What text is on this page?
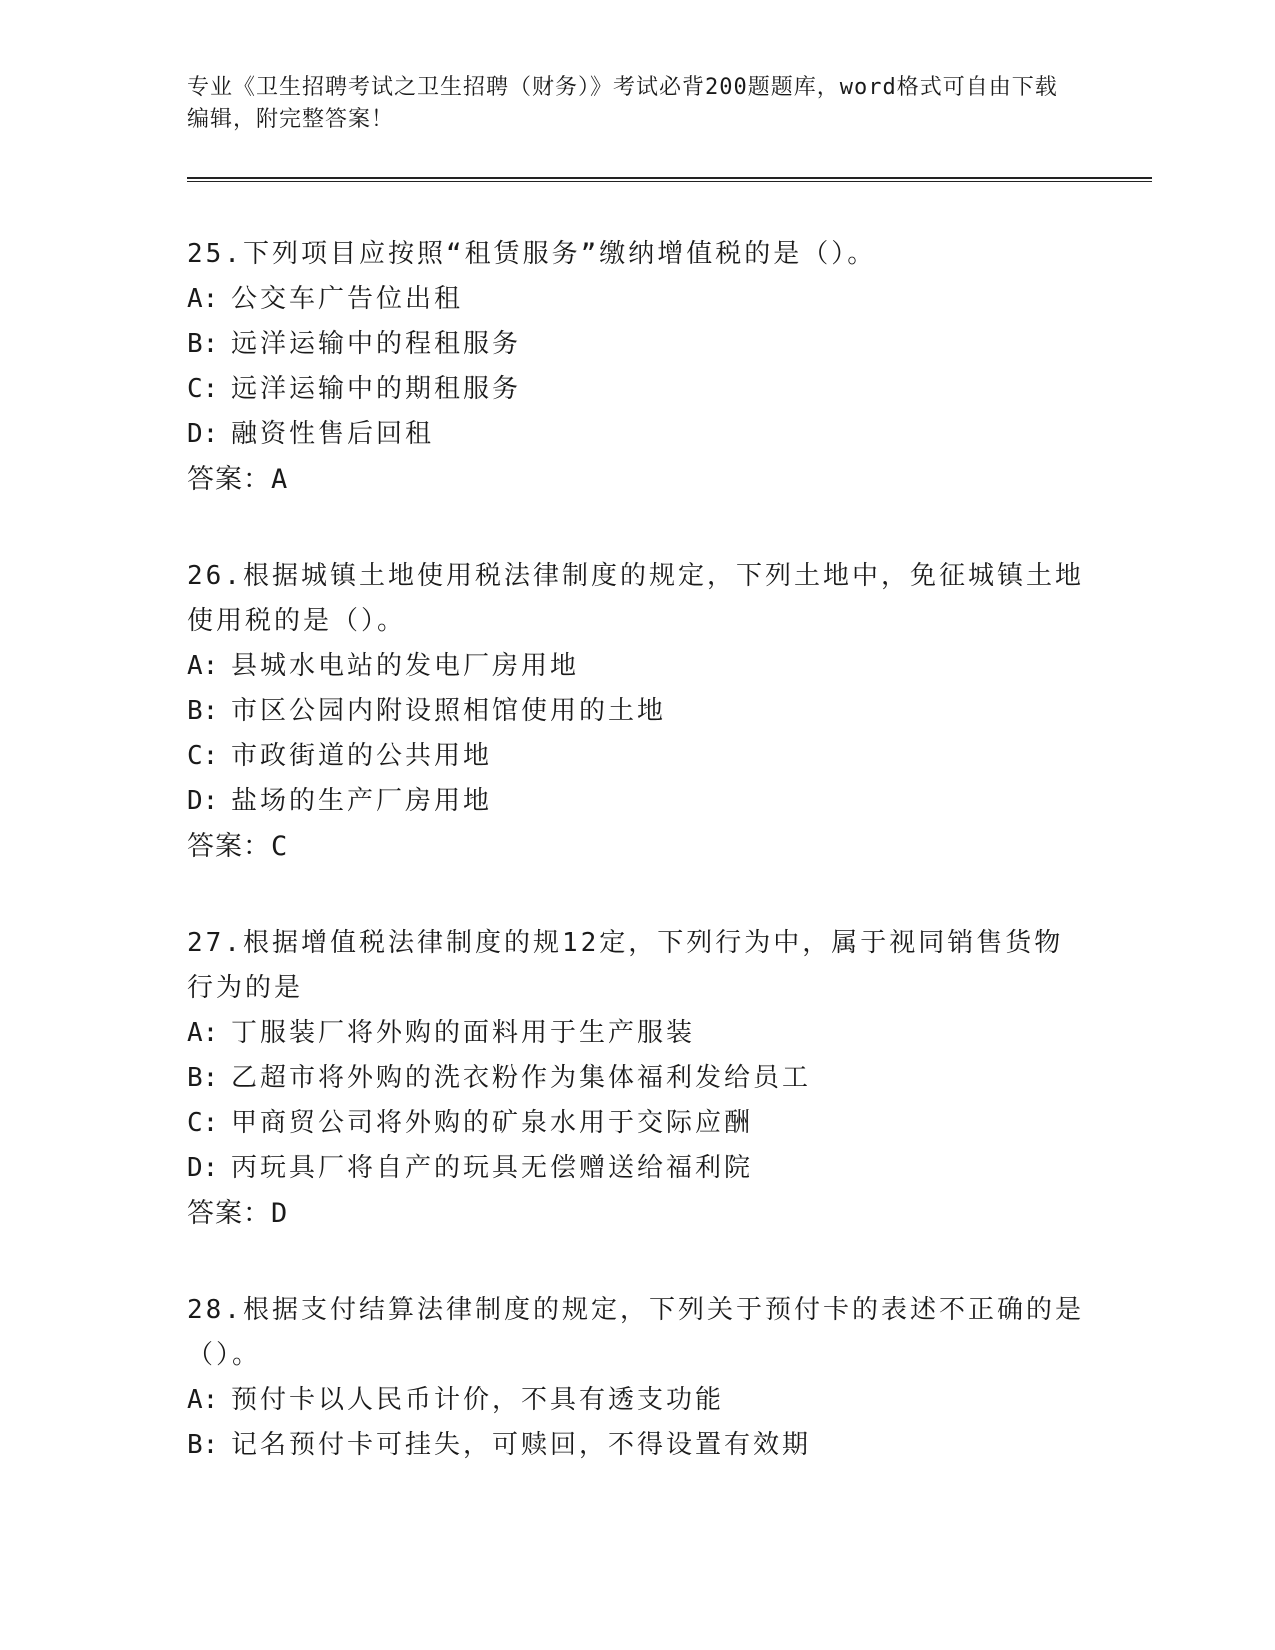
专业《卫生招聘考试之卫生招聘（财务）》考试必背200题题库，word格式可自由下载编辑，附完整答案！

25.下列项目应按照“租赁服务”缴纳增值税的是（）。

A: 公交车广告位出租

B: 远洋运输中的程租服务

C: 远洋运输中的期租服务

D: 融资性售后回租

答案：A

26.根据城镇土地使用税法律制度的规定，下列土地中，免征城镇土地使用税的是（）。

A: 县城水电站的发电厂房用地

B: 市区公园内附设照相馆使用的土地

C: 市政街道的公共用地

D: 盐场的生产厂房用地

答案：C

27.根据增值税法律制度的规12定，下列行为中，属于视同销售货物行为的是

A: 丁服装厂将外购的面料用于生产服装

B: 乙超市将外购的洗衣粉作为集体福利发给员工

C: 甲商贸公司将外购的矿泉水用于交际应酬

D: 丙玩具厂将自产的玩具无偿赠送给福利院

答案：D

28.根据支付结算法律制度的规定，下列关于预付卡的表述不正确的是（）。

A: 预付卡以人民币计价，不具有透支功能

B: 记名预付卡可挂失，可赎回，不得设置有效期
